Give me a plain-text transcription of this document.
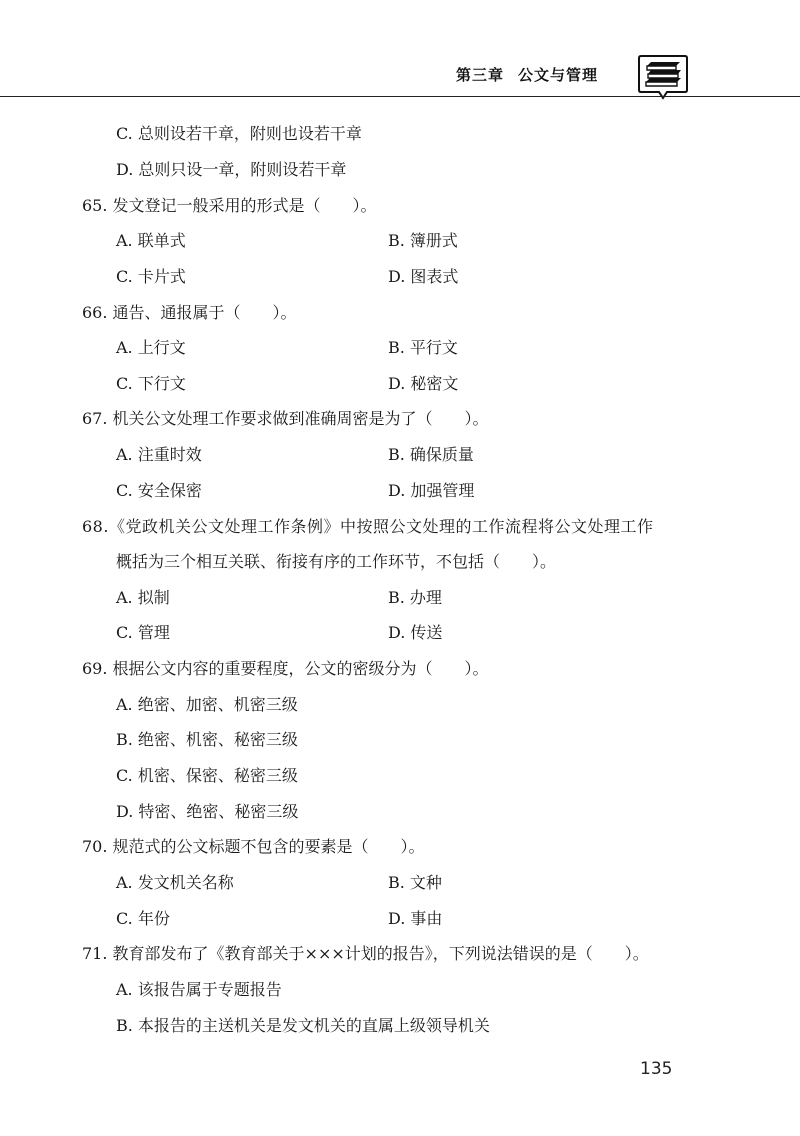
第三章 公文与管理
C. 总则设若干章，附则也设若干章
D. 总则只设一章，附则设若干章
65. 发文登记一般采用的形式是（　　）。
A. 联单式	B. 簿册式
C. 卡片式	D. 图表式
66. 通告、通报属于（　　）。
A. 上行文	B. 平行文
C. 下行文	D. 秘密文
67. 机关公文处理工作要求做到准确周密是为了（　　）。
A. 注重时效	B. 确保质量
C. 安全保密	D. 加强管理
68.《党政机关公文处理工作条例》中按照公文处理的工作流程将公文处理工作
概括为三个相互关联、衔接有序的工作环节，不包括（　　）。
A. 拟制	B. 办理
C. 管理	D. 传送
69. 根据公文内容的重要程度，公文的密级分为（　　）。
A. 绝密、加密、机密三级
B. 绝密、机密、秘密三级
C. 机密、保密、秘密三级
D. 特密、绝密、秘密三级
70. 规范式的公文标题不包含的要素是（　　）。
A. 发文机关名称	B. 文种
C. 年份	D. 事由
71. 教育部发布了《教育部关于×××计划的报告》，下列说法错误的是（　　）。
A. 该报告属于专题报告
B. 本报告的主送机关是发文机关的直属上级领导机关
135
